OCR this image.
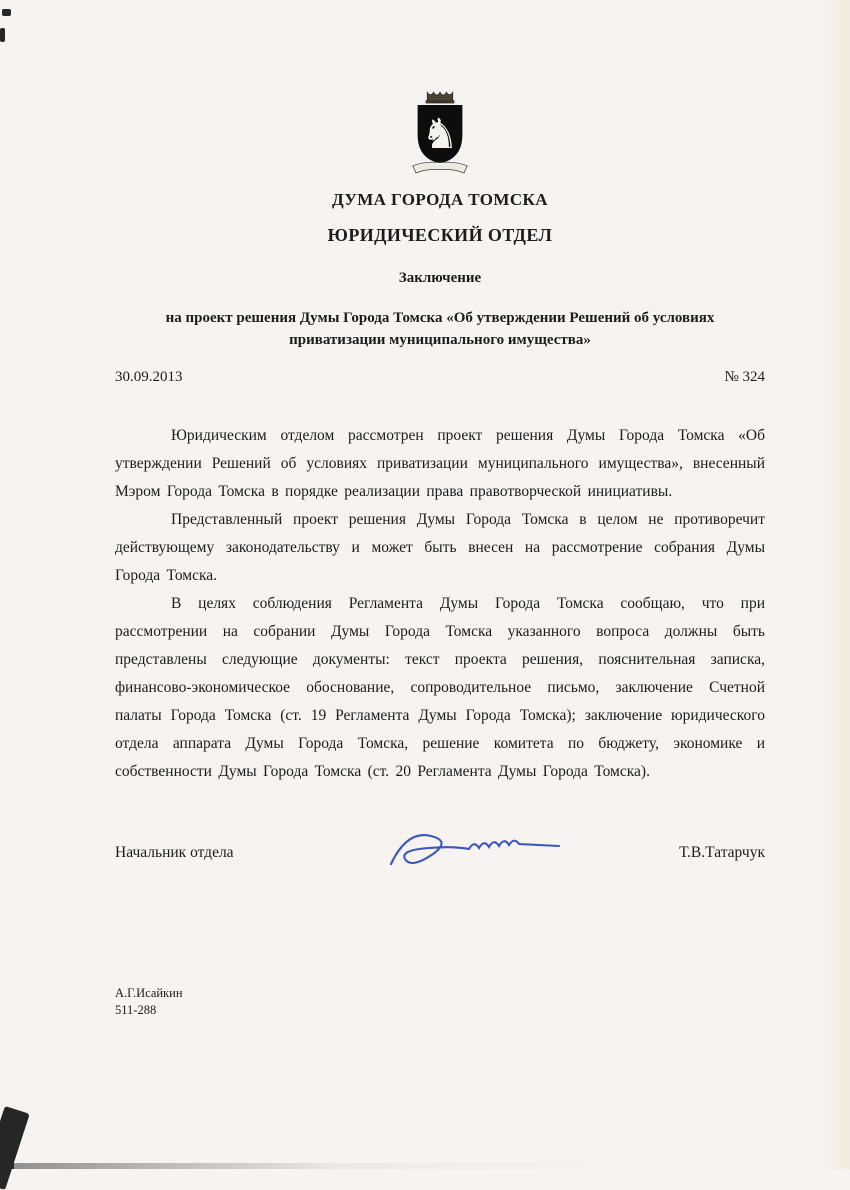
♞
ДУМА ГОРОДА ТОМСКА
ЮРИДИЧЕСКИЙ ОТДЕЛ
Заключение
на проект решения Думы Города Томска «Об утверждении Решений об условиях приватизации муниципального имущества»
30.09.2013	№ 324

Юридическим отделом рассмотрен проект решения Думы Города Томска «Об утверждении Решений об условиях приватизации муниципального имущества», внесенный Мэром Города Томска в порядке реализации права правотворческой инициативы.

Представленный проект решения Думы Города Томска в целом не противоречит действующему законодательству и может быть внесен на рассмотрение собрания Думы Города Томска.

В целях соблюдения Регламента Думы Города Томска сообщаю, что при рассмотрении на собрании Думы Города Томска указанного вопроса должны быть представлены следующие документы: текст проекта решения, пояснительная записка, финансово-экономическое обоснование, сопроводительное письмо, заключение Счетной палаты Города Томска (ст. 19 Регламента Думы Города Томска); заключение юридического отдела аппарата Думы Города Томска, решение комитета по бюджету, экономике и собственности Думы Города Томска (ст. 20 Регламента Думы Города Томска).

Начальник отдела	Т.В.Татарчук
А.Г.Исайкин
511-288
